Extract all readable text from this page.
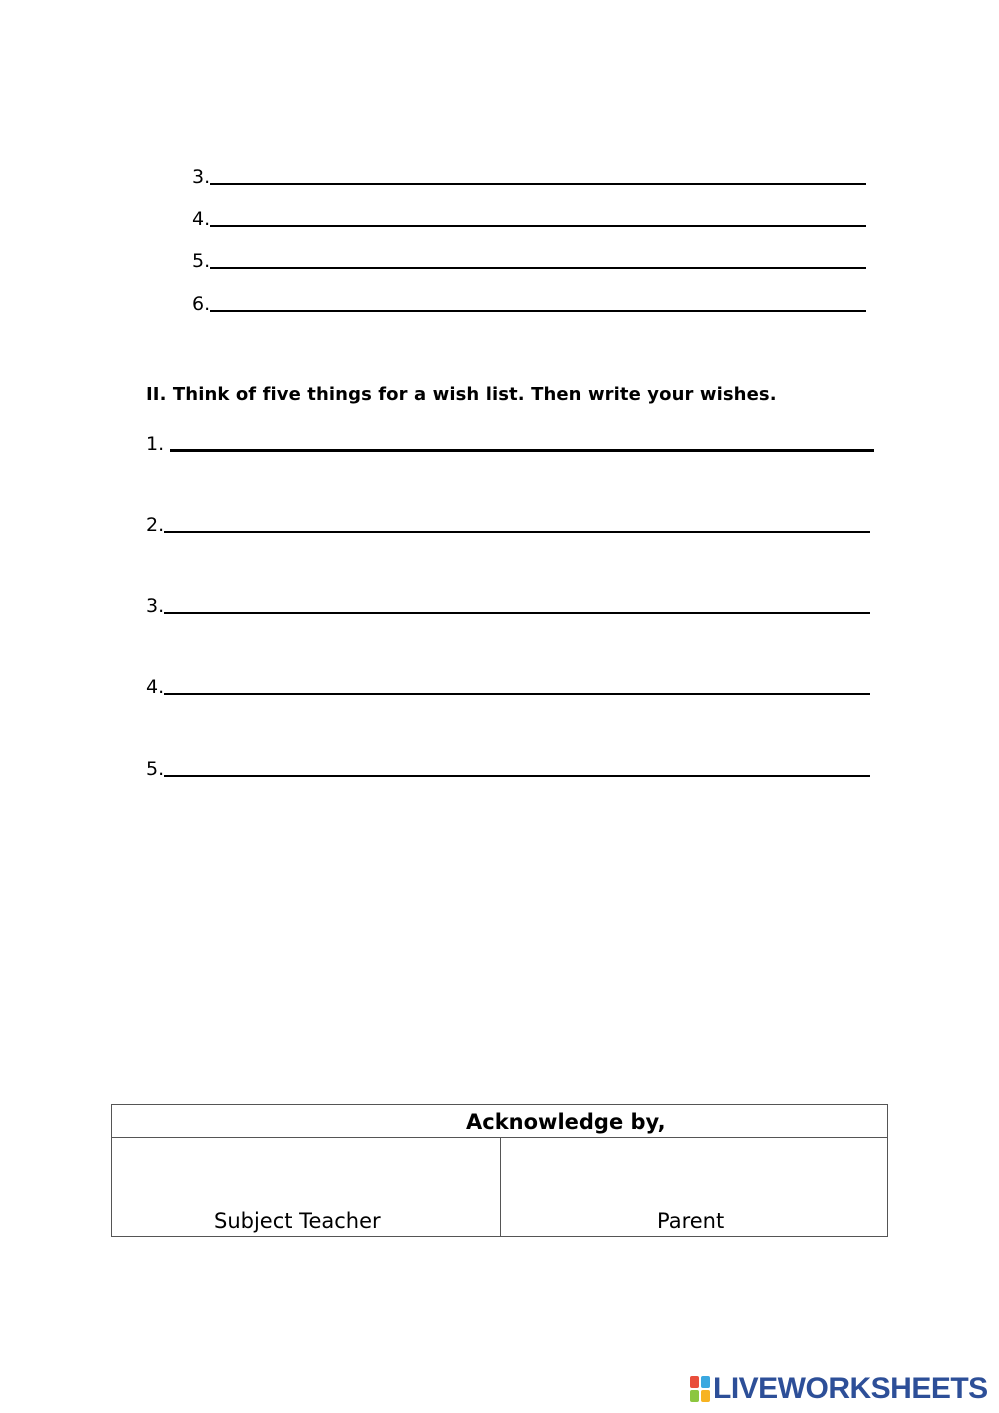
3.
4.
5.
6.
II. Think of five things for a wish list. Then write your wishes.
1.
2.
3.
4.
5.
Acknowledge by,
Subject Teacher	Parent
LIVEWORKSHEETS
